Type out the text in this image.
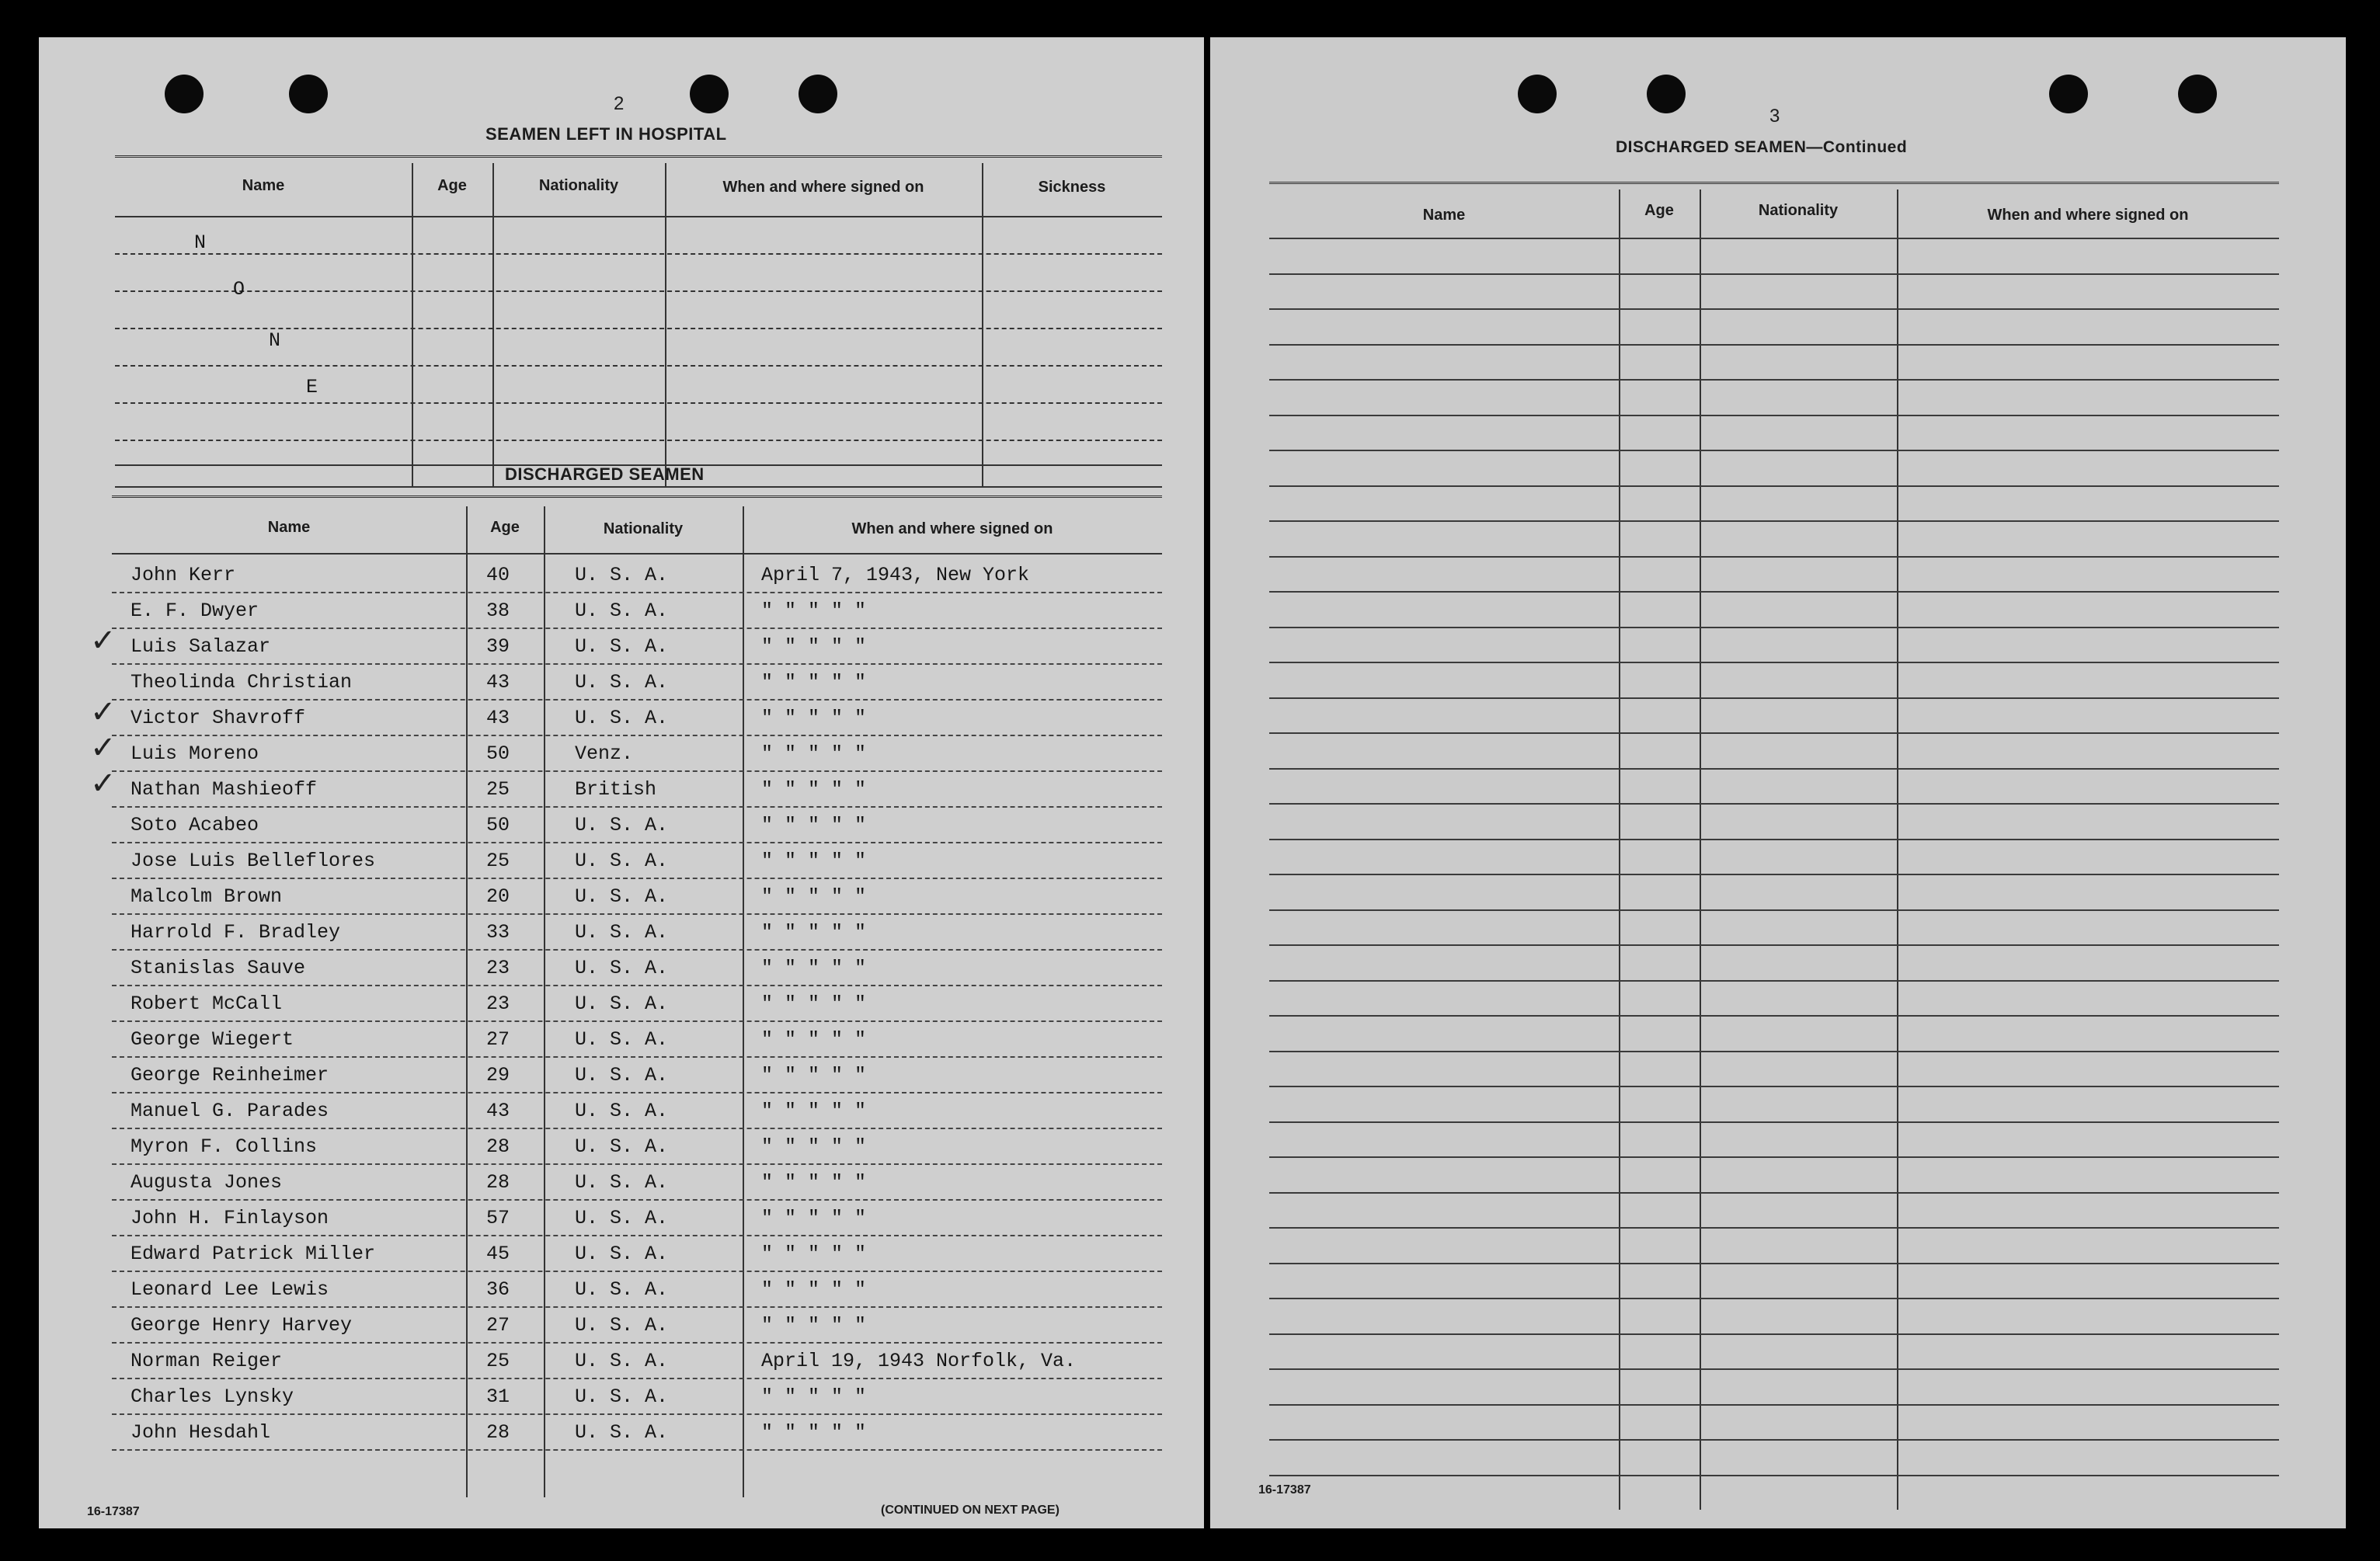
2
SEAMEN LEFT IN HOSPITAL
Name	Age	Nationality	When and where signed on	Sickness
N
O
N
E
DISCHARGED SEAMEN
Name	Age	Nationality	When and where signed on
John Kerr	40	U. S. A.	April 7, 1943, New York
E. F. Dwyer	38	U. S. A.	" " " " "
Luis Salazar	39	U. S. A.	" " " " "
✓
Theolinda Christian	43	U. S. A.	" " " " "
Victor Shavroff	43	U. S. A.	" " " " "
✓
Luis Moreno	50	Venz.	" " " " "
✓
Nathan Mashieoff	25	British	" " " " "
✓
Soto Acabeo	50	U. S. A.	" " " " "
Jose Luis Belleflores	25	U. S. A.	" " " " "
Malcolm Brown	20	U. S. A.	" " " " "
Harrold F. Bradley	33	U. S. A.	" " " " "
Stanislas Sauve	23	U. S. A.	" " " " "
Robert McCall	23	U. S. A.	" " " " "
George Wiegert	27	U. S. A.	" " " " "
George Reinheimer	29	U. S. A.	" " " " "
Manuel G. Parades	43	U. S. A.	" " " " "
Myron F. Collins	28	U. S. A.	" " " " "
Augusta Jones	28	U. S. A.	" " " " "
John H. Finlayson	57	U. S. A.	" " " " "
Edward Patrick Miller	45	U. S. A.	" " " " "
Leonard Lee Lewis	36	U. S. A.	" " " " "
George Henry Harvey	27	U. S. A.	" " " " "
Norman Reiger	25	U. S. A.	April 19, 1943 Norfolk, Va.
Charles Lynsky	31	U. S. A.	" " " " "
John Hesdahl	28	U. S. A.	" " " " "
16-17387	(CONTINUED ON NEXT PAGE)
3
DISCHARGED SEAMEN—Continued
Name	Age	Nationality	When and where signed on
16-17387
